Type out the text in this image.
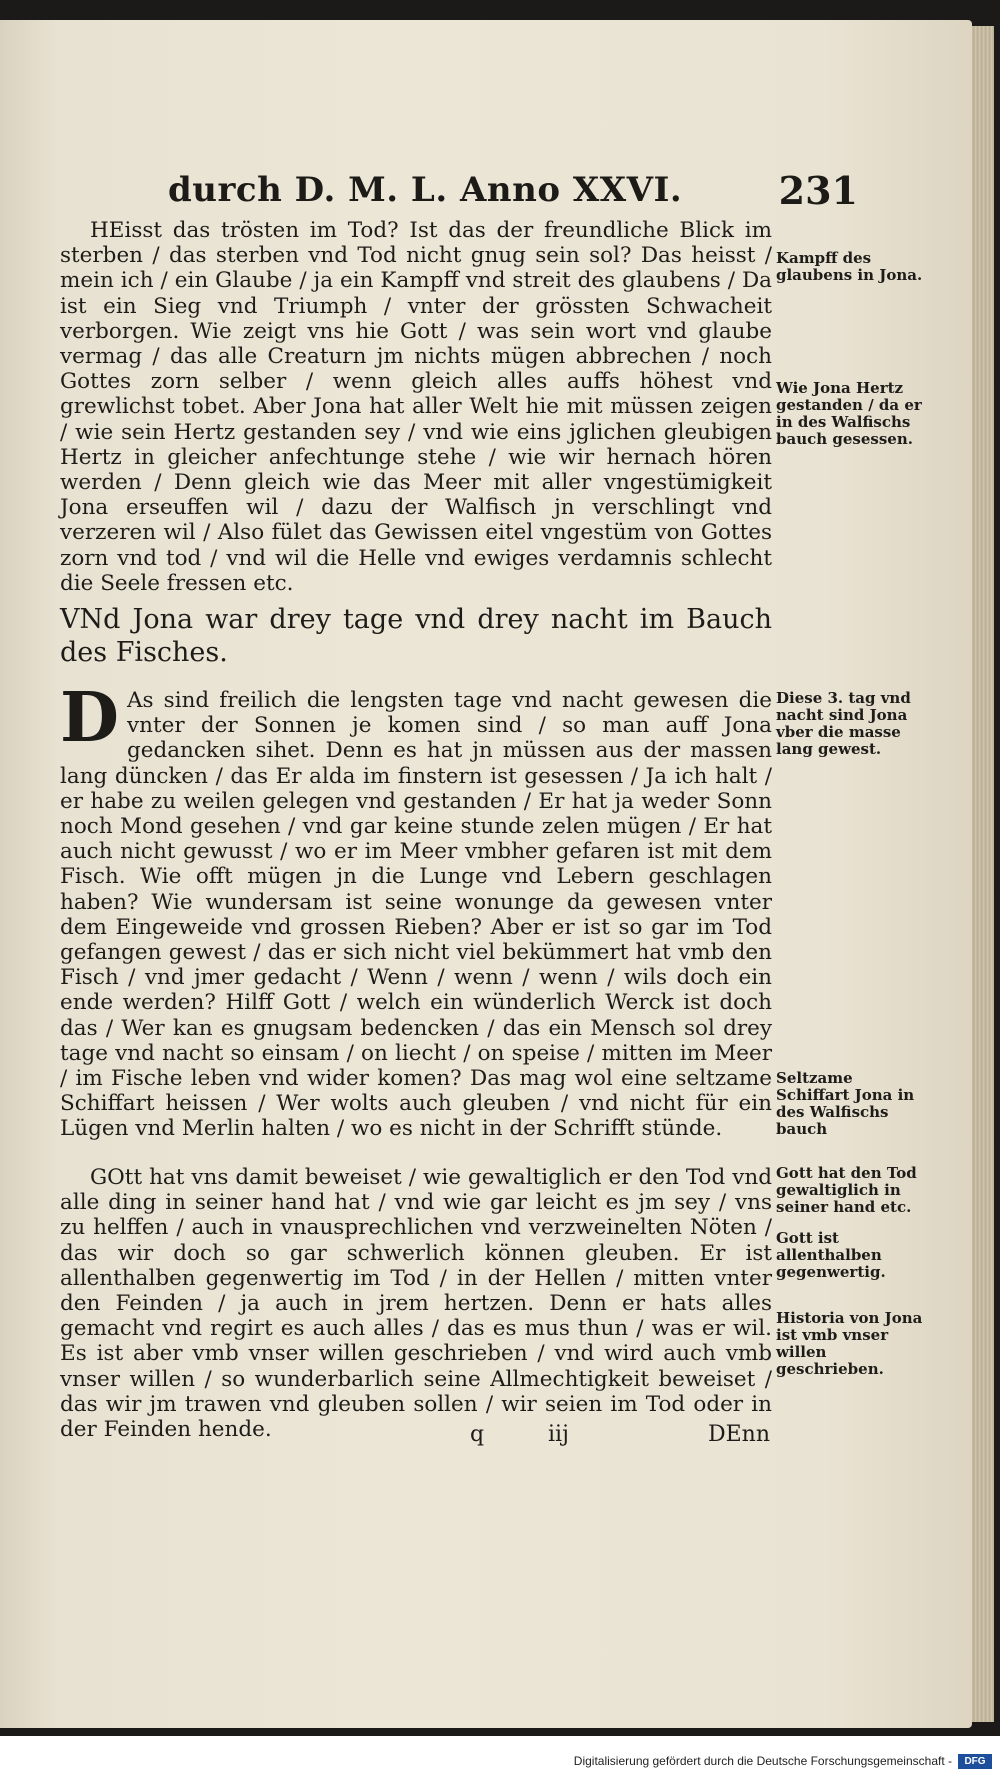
durch D. M. L. Anno XXVI.	231
HEisst das trösten im Tod? Ist das der freundliche Blick im sterben / das sterben vnd Tod nicht gnug sein sol? Das heisst / mein ich / ein Glaube / ja ein Kampff vnd streit des glaubens / Da ist ein Sieg vnd Triumph / vnter der grössten Schwacheit verborgen. Wie zeigt vns hie Gott / was sein wort vnd glaube vermag / das alle Creaturn jm nichts mügen abbrechen / noch Gottes zorn selber / wenn gleich alles auffs höhest vnd grewlichst tobet. Aber Jona hat aller Welt hie mit müssen zeigen / wie sein Hertz gestanden sey / vnd wie eins jglichen gleubigen Hertz in gleicher anfechtunge stehe / wie wir hernach hören werden / Denn gleich wie das Meer mit aller vngestümigkeit Jona erseuffen wil / dazu der Walfisch jn verschlingt vnd verzeren wil / Also fület das Gewissen eitel vngestüm von Gottes zorn vnd tod / vnd wil die Helle vnd ewiges verdamnis schlecht die Seele fressen etc.
VNd Jona war drey tage vnd drey nacht im Bauch des Fisches.
D As sind freilich die lengsten tage vnd nacht gewesen die vnter der Sonnen je komen sind / so man auff Jona gedancken sihet. Denn es hat jn müssen aus der massen lang düncken / das Er alda im finstern ist gesessen / Ja ich halt / er habe zu weilen gelegen vnd gestanden / Er hat ja weder Sonn noch Mond gesehen / vnd gar keine stunde zelen mügen / Er hat auch nicht gewusst / wo er im Meer vmbher gefaren ist mit dem Fisch. Wie offt mügen jn die Lunge vnd Lebern geschlagen haben? Wie wundersam ist seine wonunge da gewesen vnter dem Eingeweide vnd grossen Rieben? Aber er ist so gar im Tod gefangen gewest / das er sich nicht viel bekümmert hat vmb den Fisch / vnd jmer gedacht / Wenn / wenn / wenn / wils doch ein ende werden? Hilff Gott / welch ein wünderlich Werck ist doch das / Wer kan es gnugsam bedencken / das ein Mensch sol drey tage vnd nacht so einsam / on liecht / on speise / mitten im Meer / im Fische leben vnd wider komen? Das mag wol eine seltzame Schiffart heissen / Wer wolts auch gleuben / vnd nicht für ein Lügen vnd Merlin halten / wo es nicht in der Schrifft stünde.
GOtt hat vns damit beweiset / wie gewaltiglich er den Tod vnd alle ding in seiner hand hat / vnd wie gar leicht es jm sey / vns zu helffen / auch in vnausprechlichen vnd verzweinelten Nöten / das wir doch so gar schwerlich können gleuben. Er ist allenthalben gegenwertig im Tod / in der Hellen / mitten vnter den Feinden / ja auch in jrem hertzen. Denn er hats alles gemacht vnd regirt es auch alles / das es mus thun / was er wil. Es ist aber vmb vnser willen geschrieben / vnd wird auch vmb vnser willen / so wunderbarlich seine Allmechtigkeit beweiset / das wir jm trawen vnd gleuben sollen / wir seien im Tod oder in der Feinden hende.
Kampff des glaubens in Jona.
Wie Jona Hertz gestanden / da er in des Walfischs bauch gesessen.
Diese 3. tag vnd nacht sind Jona vber die masse lang gewest.
Seltzame Schiffart Jona in des Walfischs bauch
Gott hat den Tod gewaltiglich in seiner hand etc.
Gott ist allenthalben gegenwertig.
Historia von Jona ist vmb vnser willen geschrieben.
q	iij	DEnn
Digitalisierung gefördert durch die Deutsche Forschungsgemeinschaft -	DFG
